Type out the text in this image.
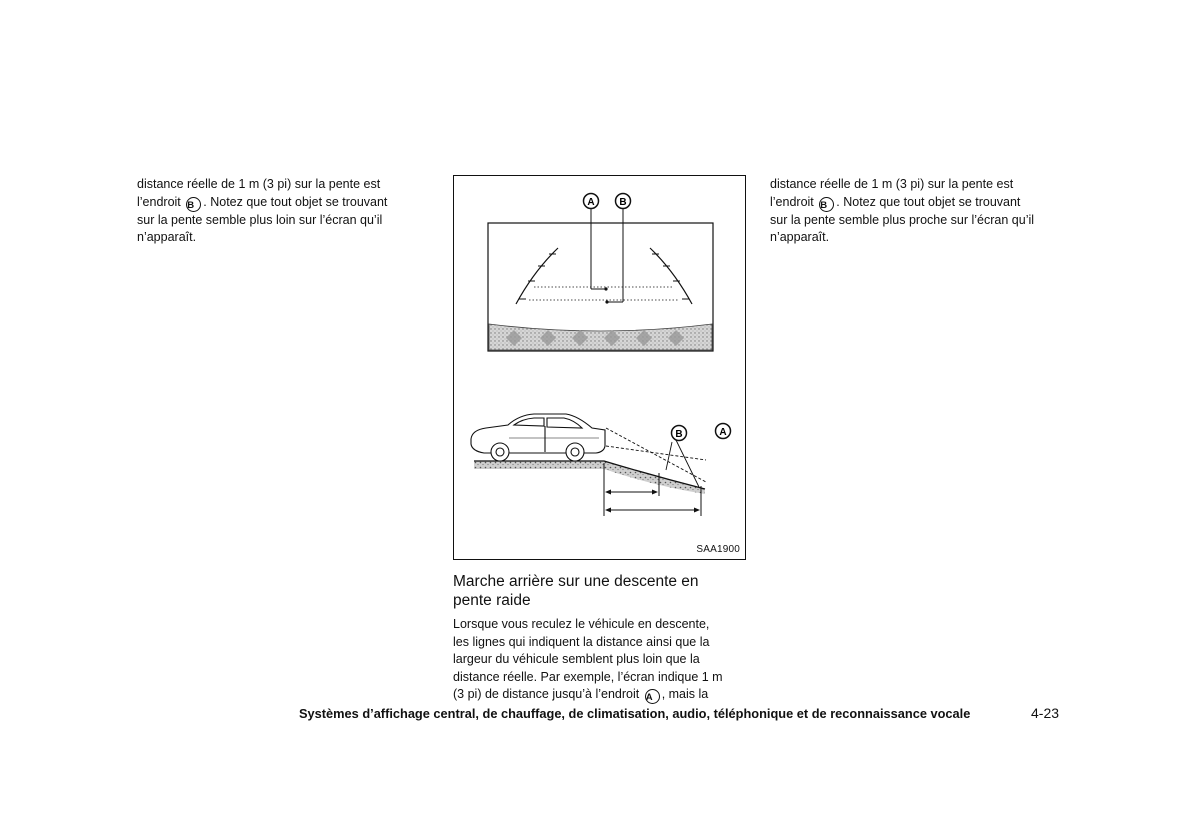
distance réelle de 1 m (3 pi) sur la pente est
l’endroit B . Notez que tout objet se trouvant
sur la pente semble plus loin sur l’écran qu’il
n’apparaît.
A B
B	A
SAA1900
Marche arrière sur une descente en
pente raide
Lorsque vous reculez le véhicule en descente,
les lignes qui indiquent la distance ainsi que la
largeur du véhicule semblent plus loin que la
distance réelle. Par exemple, l’écran indique 1 m
(3 pi) de distance jusqu’à l’endroit A , mais la
distance réelle de 1 m (3 pi) sur la pente est
l’endroit B . Notez que tout objet se trouvant
sur la pente semble plus proche sur l’écran qu’il
n’apparaît.
Systèmes d’affichage central, de chauffage, de climatisation, audio, téléphonique et de reconnaissance vocale	4-23
